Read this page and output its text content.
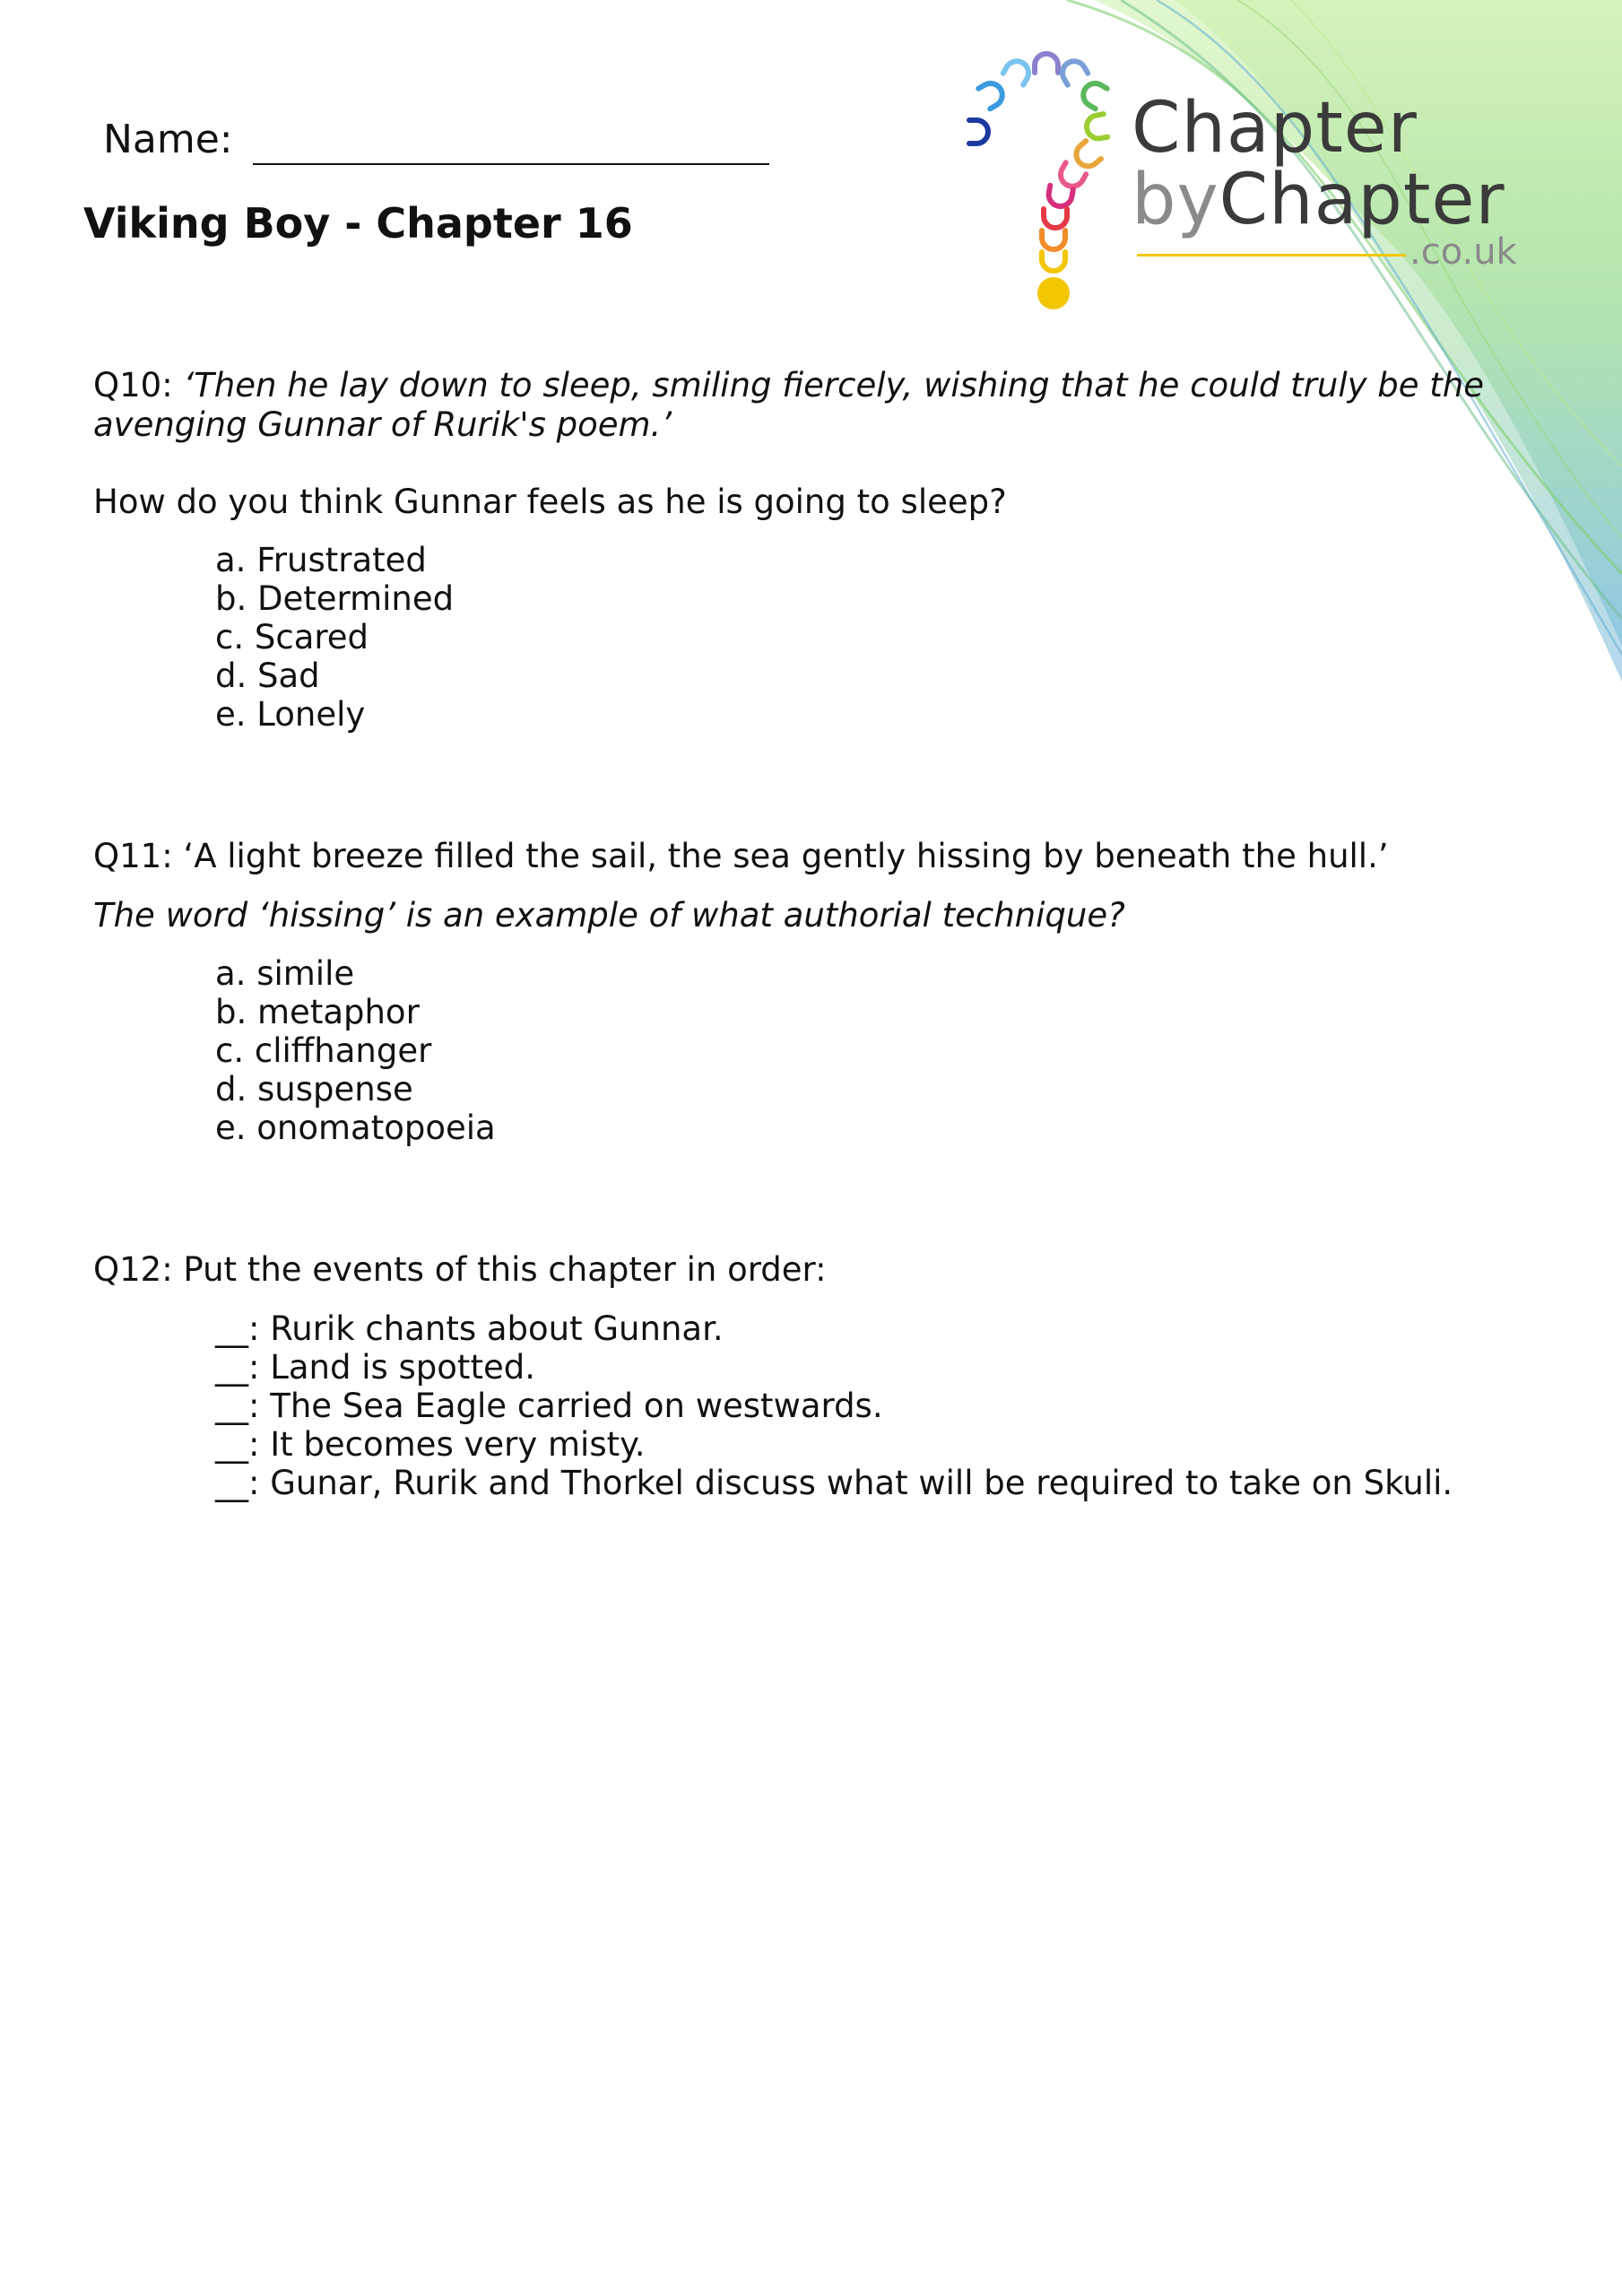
Chapter
byChapter
.co.uk
Name:
Viking Boy - Chapter 16
Q10: ‘Then he lay down to sleep, smiling fiercely, wishing that he could truly be the
avenging Gunnar of Rurik's poem.’
How do you think Gunnar feels as he is going to sleep?
a. Frustrated
b. Determined
c. Scared
d. Sad
e. Lonely
Q11: ‘A light breeze filled the sail, the sea gently hissing by beneath the hull.’
The word ‘hissing’ is an example of what authorial technique?
a. simile
b. metaphor
c. cliffhanger
d. suspense
e. onomatopoeia
Q12: Put the events of this chapter in order:
__: Rurik chants about Gunnar.
__: Land is spotted.
__: The Sea Eagle carried on westwards.
__: It becomes very misty.
__: Gunar, Rurik and Thorkel discuss what will be required to take on Skuli.
